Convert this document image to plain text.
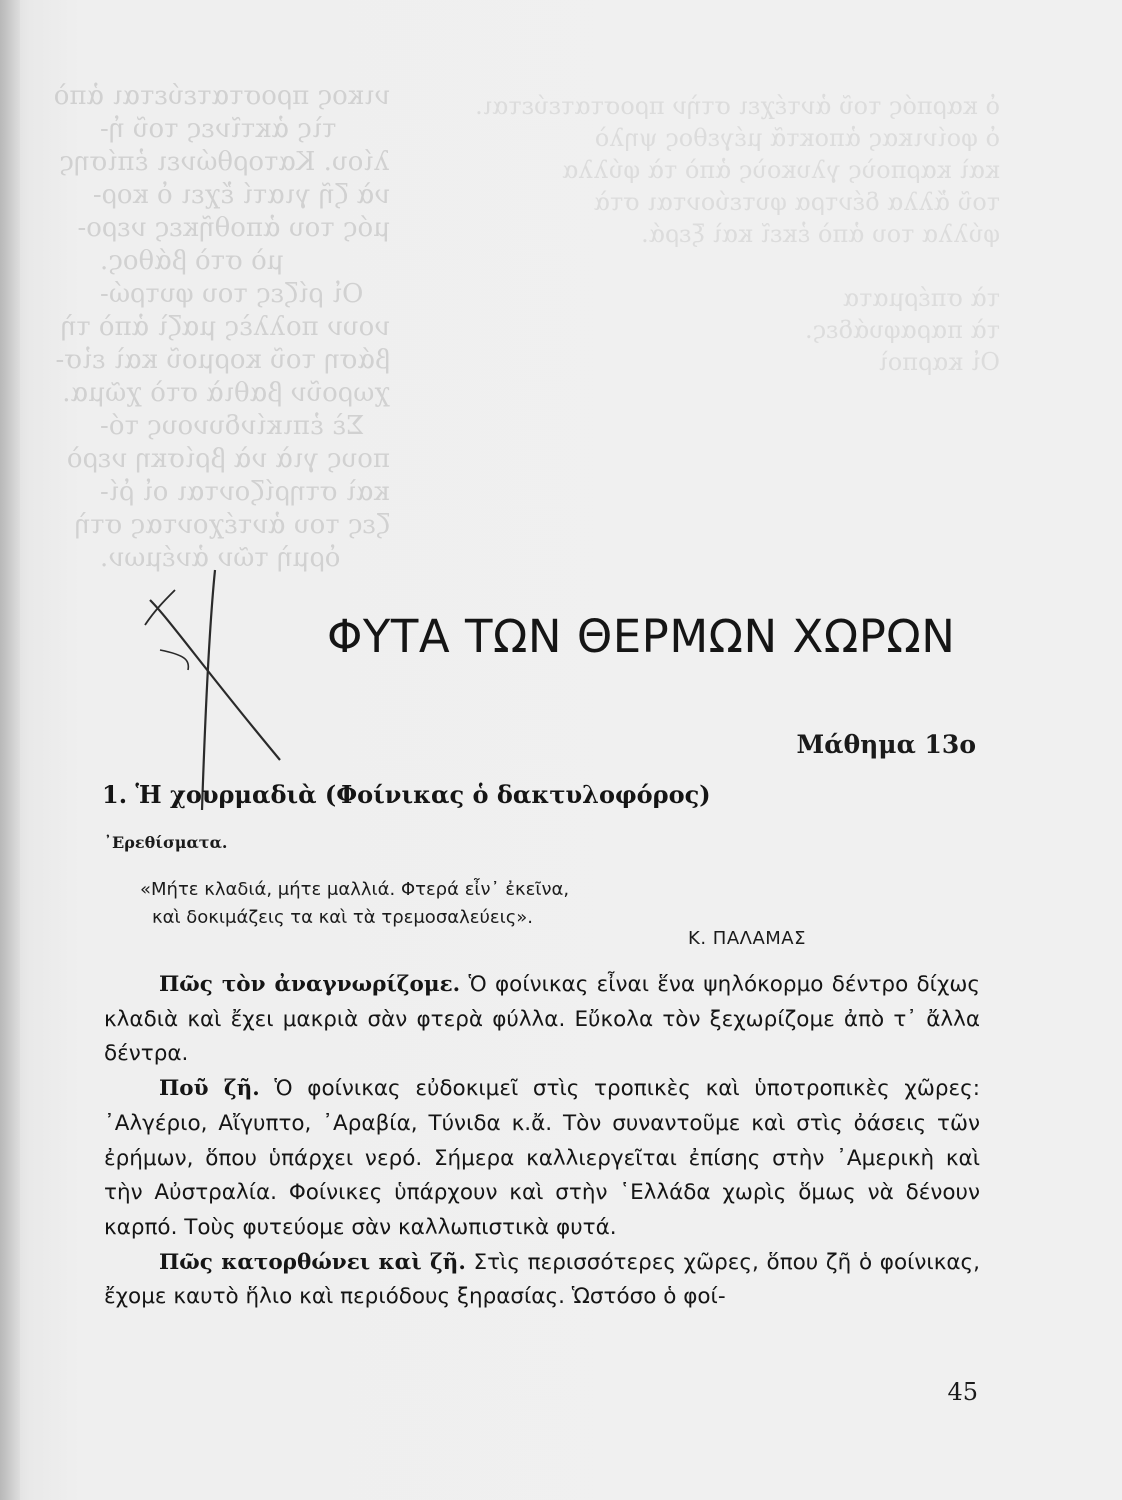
νικος προστατεύεται ἀπὸ
τὶς ἀκτῖνες τοῦ ἡ-
λίου. Κατορθώνει ἐπίσης
νὰ ζῆ γιατί ἔχει ὁ κορ-
μός του ἀποθῆκες νερο-
μὸ στὸ βάθος.
Οἱ ρίζες του φυτρώ-
νουν πολλὲς μαζὶ ἀπὸ τὴ
βάση τοῦ κορμοῦ καὶ εἰσ-
χωροῦν βαθιὰ στὸ χῶμα.
Σὲ ἐπικίνδυνους τό-
πους γιὰ νὰ βρίσκη νερὸ
καὶ στηρίζονται οἱ ῥί-
ζες του ἀντέχοντας στὴ
ὁρμὴ τῶν ἀνέμων.
ὁ καρπός τοῦ ἀντέχει στὴν προστατεύεται.
ὁ φοίνικας ἀποκτᾶ μέγεθος ψηλὸ
καὶ καρποὺς γλυκοὺς ἀπὸ τὰ φύλλα
τοῦ ἄλλα δέντρα φυτεύονται στὰ
φύλλα του ἀπὸ ἐκεῖ καὶ ξερά.

τὰ σπέρματα
τὰ παραφυάδες.
Οἱ καρποὶ
ΦΥΤΑ ΤΩΝ ΘΕΡΜΩΝ ΧΩΡΩΝ
Μάθημα 13ο
1. Ἡ χουρμαδιὰ (Φοίνικας ὁ δακτυλοφόρος)
᾿Ερεθίσματα.
«Μήτε κλαδιά, μήτε μαλλιά. Φτερά εἶν᾿ ἐκεῖνα,
καὶ δοκιμάζεις τα καὶ τὰ τρεμοσαλεύεις».
Κ. ΠΑΛΑΜΑΣ

Πῶς τὸν ἀναγνωρίζομε. Ὁ φοίνικας εἶναι ἕνα ψηλόκορμο δέντρο δίχως κλαδιὰ καὶ ἔχει μακριὰ σὰν φτερὰ φύλλα. Εὔκολα τὸν ξεχωρίζομε ἀπὸ τ᾿ ἄλλα δέντρα.

Ποῦ ζῆ. Ὁ φοίνικας εὐδοκιμεῖ στὶς τροπικὲς καὶ ὑποτροπικὲς χῶρες: ᾿Αλγέριο, Αἴγυπτο, ᾿Αραβία, Τύνιδα κ.ἄ. Τὸν συναντοῦμε καὶ στὶς ὀάσεις τῶν ἐρήμων, ὅπου ὑπάρχει νερό. Σήμερα καλλιεργεῖται ἐπίσης στὴν ᾿Αμερικὴ καὶ τὴν Αὐστραλία. Φοίνικες ὑπάρχουν καὶ στὴν ῾Ελλάδα χωρὶς ὅμως νὰ δένουν καρπό. Τοὺς φυτεύομε σὰν καλλωπιστικὰ φυτά.

Πῶς κατορθώνει καὶ ζῆ. Στὶς περισσότερες χῶρες, ὅπου ζῆ ὁ φοίνικας, ἔχομε καυτὸ ἥλιο καὶ περιόδους ξηρασίας. Ὡστόσο ὁ φοί-

45
